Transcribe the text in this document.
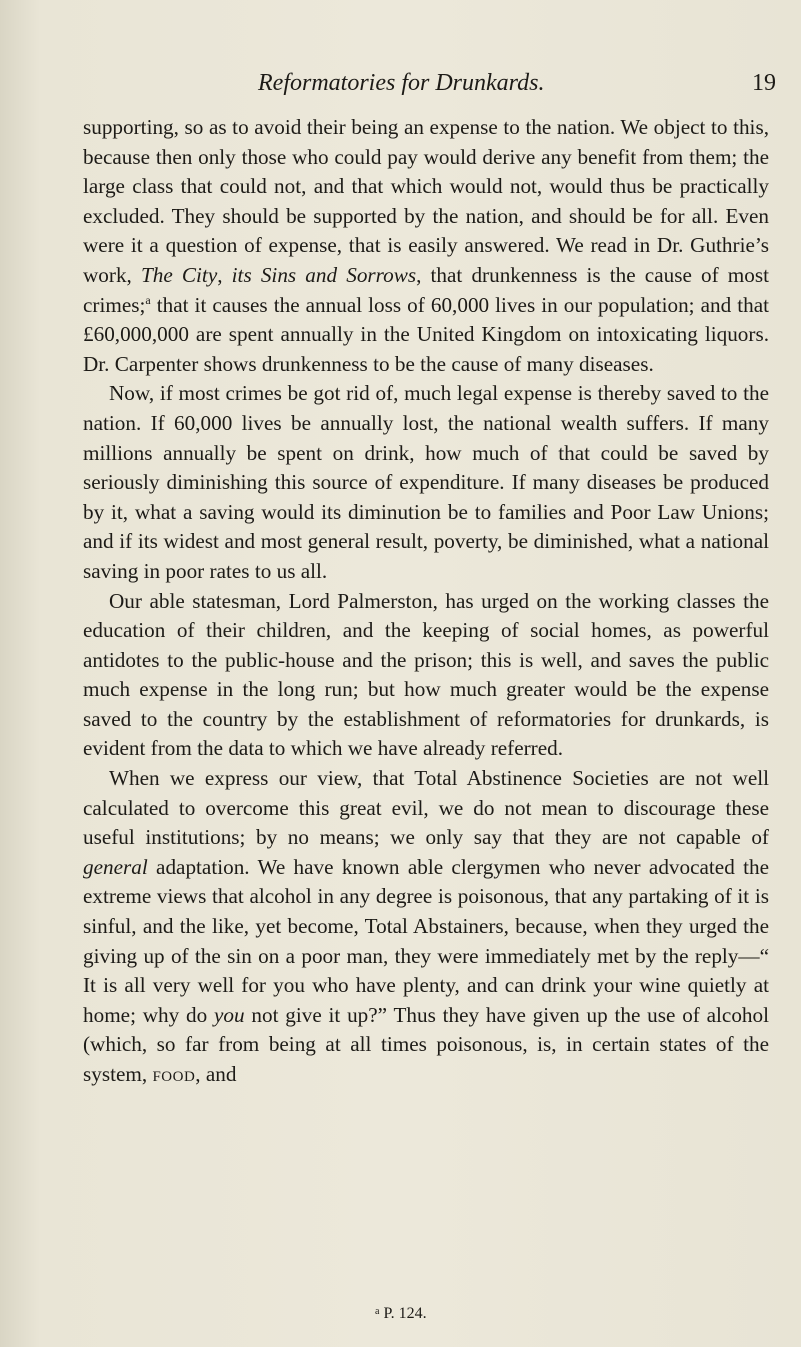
Reformatories for Drunkards.	19

supporting, so as to avoid their being an expense to the nation. We object to this, because then only those who could pay would derive any benefit from them; the large class that could not, and that which would not, would thus be practically excluded. They should be supported by the nation, and should be for all. Even were it a question of expense, that is easily answered. We read in Dr. Guthrie’s work, The City, its Sins and Sorrows, that drunkenness is the cause of most crimes;$^a$ that it causes the annual loss of 60,000 lives in our population; and that £60,000,000 are spent annually in the United Kingdom on intoxicating liquors. Dr. Carpenter shows drunkenness to be the cause of many diseases.

Now, if most crimes be got rid of, much legal expense is thereby saved to the nation. If 60,000 lives be annually lost, the national wealth suffers. If many millions annually be spent on drink, how much of that could be saved by seriously diminishing this source of expenditure. If many diseases be produced by it, what a saving would its diminution be to families and Poor Law Unions; and if its widest and most general result, poverty, be diminished, what a national saving in poor rates to us all.

Our able statesman, Lord Palmerston, has urged on the working classes the education of their children, and the keeping of social homes, as powerful antidotes to the public-house and the prison; this is well, and saves the public much expense in the long run; but how much greater would be the expense saved to the country by the establishment of reformatories for drunkards, is evident from the data to which we have already referred.

When we express our view, that Total Abstinence Societies are not well calculated to overcome this great evil, we do not mean to discourage these useful institutions; by no means; we only say that they are not capable of general adaptation. We have known able clergymen who never advocated the extreme views that alcohol in any degree is poisonous, that any partaking of it is sinful, and the like, yet become, Total Abstainers, because, when they urged the giving up of the sin on a poor man, they were immediately met by the reply—“ It is all very well for you who have plenty, and can drink your wine quietly at home; why do you not give it up?” Thus they have given up the use of alcohol (which, so far from being at all times poisonous, is, in certain states of the system, food, and

$^a$ P. 124.
